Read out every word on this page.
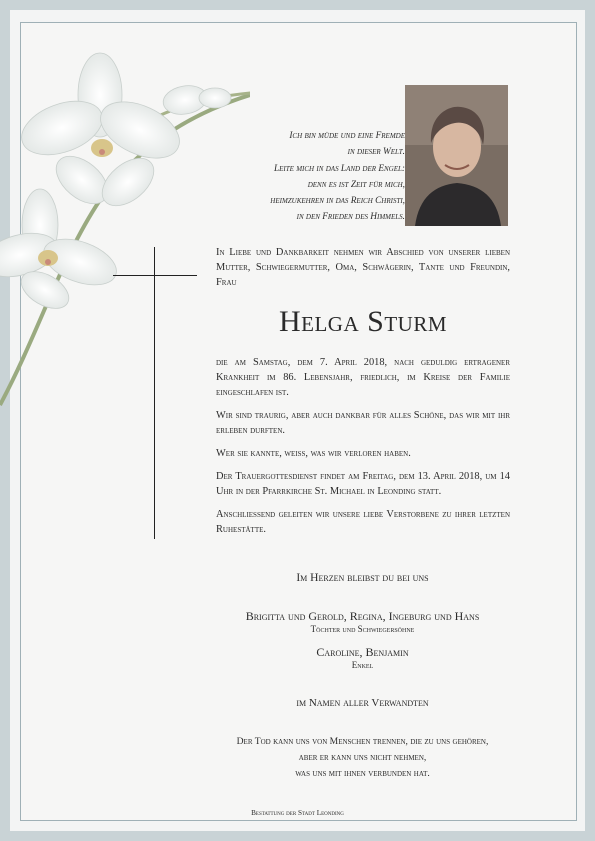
Ich bin müde und eine Fremde
in dieser Welt.
Leite mich in das Land der Engel:
denn es ist Zeit für mich,
heimzukehren in das Reich Christi,
in den Frieden des Himmels.

In Liebe und Dankbarkeit nehmen wir Abschied von unserer lieben Mutter, Schwiegermutter, Oma, Schwägerin, Tante und Freundin, Frau

Helga Sturm

die am Samstag, dem 7. April 2018, nach geduldig ertragener Krankheit im 86. Lebensjahr, friedlich, im Kreise der Familie eingeschlafen ist.

Wir sind traurig, aber auch dankbar für alles Schöne, das wir mit ihr erleben durften.

Wer sie kannte, weiss, was wir verloren haben.

Der Trauergottesdienst findet am Freitag, dem 13. April 2018, um 14 Uhr in der Pfarrkirche St. Michael in Leonding statt.

Anschliessend geleiten wir unsere liebe Verstorbene zu ihrer letzten Ruhestätte.

Im Herzen bleibst du bei uns
Brigitta und Gerold, Regina, Ingeburg und Hans
Töchter und Schwiegersöhne
Caroline, Benjamin
Enkel
im Namen aller Verwandten
Der Tod kann uns von Menschen trennen, die zu uns gehören,
aber er kann uns nicht nehmen,
was uns mit ihnen verbunden hat.
Bestattung der Stadt Leonding
